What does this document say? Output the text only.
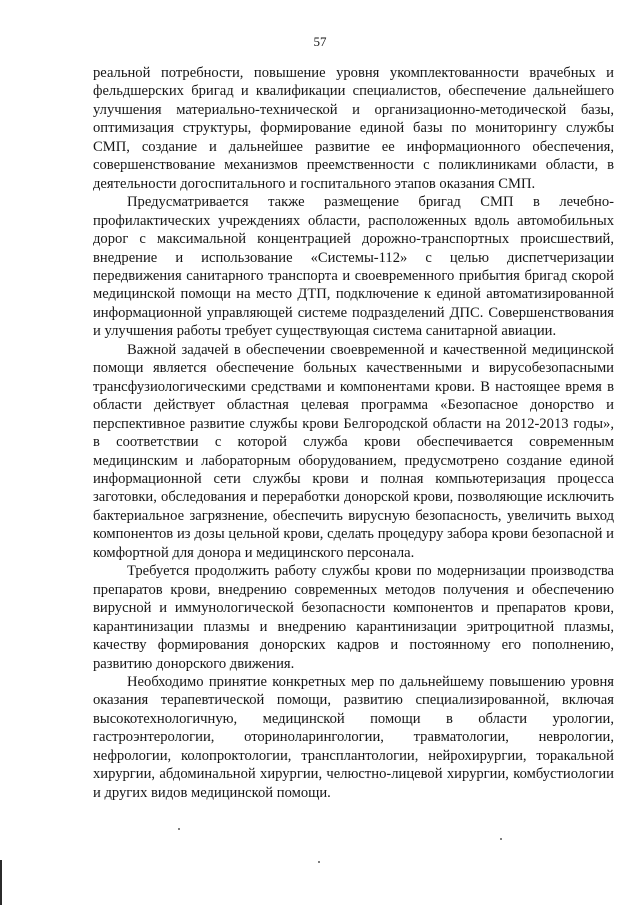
57

реальной потребности, повышение уровня укомплектованности врачебных и фельдшерских бригад и квалификации специалистов, обеспечение дальнейшего улучшения материально-технической и организационно-методической базы, оптимизация структуры, формирование единой базы по мониторингу службы СМП, создание и дальнейшее развитие ее информационного обеспечения, совершенствование механизмов преемственности с поликлиниками области, в деятельности догоспитального и госпитального этапов оказания СМП.

Предусматривается также размещение бригад СМП в лечебно-профилактических учреждениях области, расположенных вдоль автомобильных дорог с максимальной концентрацией дорожно-транспортных происшествий, внедрение и использование «Системы-112» с целью диспетчеризации передвижения санитарного транспорта и своевременного прибытия бригад скорой медицинской помощи на место ДТП, подключение к единой автоматизированной информационной управляющей системе подразделений ДПС. Совершенствования и улучшения работы требует существующая система санитарной авиации.

Важной задачей в обеспечении своевременной и качественной медицинской помощи является обеспечение больных качественными и вирусобезопасными трансфузиологическими средствами и компонентами крови. В настоящее время в области действует областная целевая программа «Безопасное донорство и перспективное развитие службы крови Белгородской области на 2012-2013 годы», в соответствии с которой служба крови обеспечивается современным медицинским и лабораторным оборудованием, предусмотрено создание единой информационной сети службы крови и полная компьютеризация процесса заготовки, обследования и переработки донорской крови, позволяющие исключить бактериальное загрязнение, обеспечить вирусную безопасность, увеличить выход компонентов из дозы цельной крови, сделать процедуру забора крови безопасной и комфортной для донора и медицинского персонала.

Требуется продолжить работу службы крови по модернизации производства препаратов крови, внедрению современных методов получения и обеспечению вирусной и иммунологической безопасности компонентов и препаратов крови, карантинизации плазмы и внедрению карантинизации эритроцитной плазмы, качеству формирования донорских кадров и постоянному его пополнению, развитию донорского движения.

Необходимо принятие конкретных мер по дальнейшему повышению уровня оказания терапевтической помощи, развитию специализированной, включая высокотехнологичную, медицинской помощи в области урологии, гастроэнтерологии, оториноларингологии, травматологии, неврологии, нефрологии, колопроктологии, трансплантологии, нейрохирургии, торакальной хирургии, абдоминальной хирургии, челюстно-лицевой хирургии, комбустиологии и других видов медицинской помощи.
